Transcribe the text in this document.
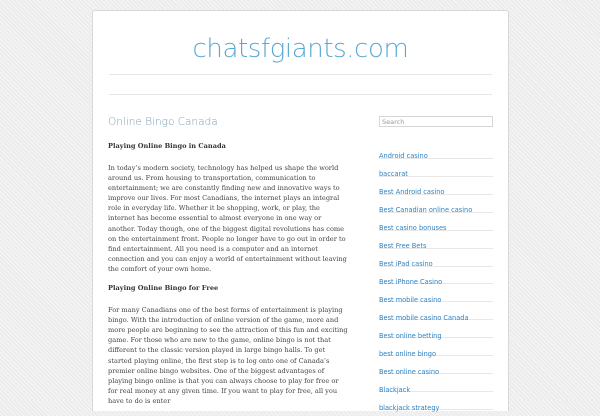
chatsfgiants.com
Online Bingo Canada
Playing Online Bingo in Canada

In today’s modern society, technology has helped us shape the world around us. From housing to transportation, communication to entertainment; we are constantly finding new and innovative ways to improve our lives. For most Canadians, the internet plays an integral role in everyday life. Whether it be shopping, work, or play, the internet has become essential to almost everyone in one way or another. Today though, one of the biggest digital revolutions has come on the entertainment front. People no longer have to go out in order to find entertainment. All you need is a computer and an internet connection and you can enjoy a world of entertainment without leaving the comfort of your own home.

Playing Online Bingo for Free

For many Canadians one of the best forms of entertainment is playing bingo. With the introduction of online version of the game, more and more people are beginning to see the attraction of this fun and exciting game. For those who are new to the game, online bingo is not that different to the classic version played in large bingo halls. To get started playing online, the first step is to log onto one of Canada’s premier online bingo websites. One of the biggest advantages of playing bingo online is that you can always choose to play for free or for real money at any given time. If you want to play for free, all you have to do is enter

Search
Android casino
baccarat
Best Android casino
Best Canadian online casino
Best casino bonuses
Best Free Bets
Best iPad casino
Best iPhone Casino
Best mobile casino
Best mobile casino Canada
Best online betting
best online bingo
Best online casino
Blackjack
blackjack strategy
